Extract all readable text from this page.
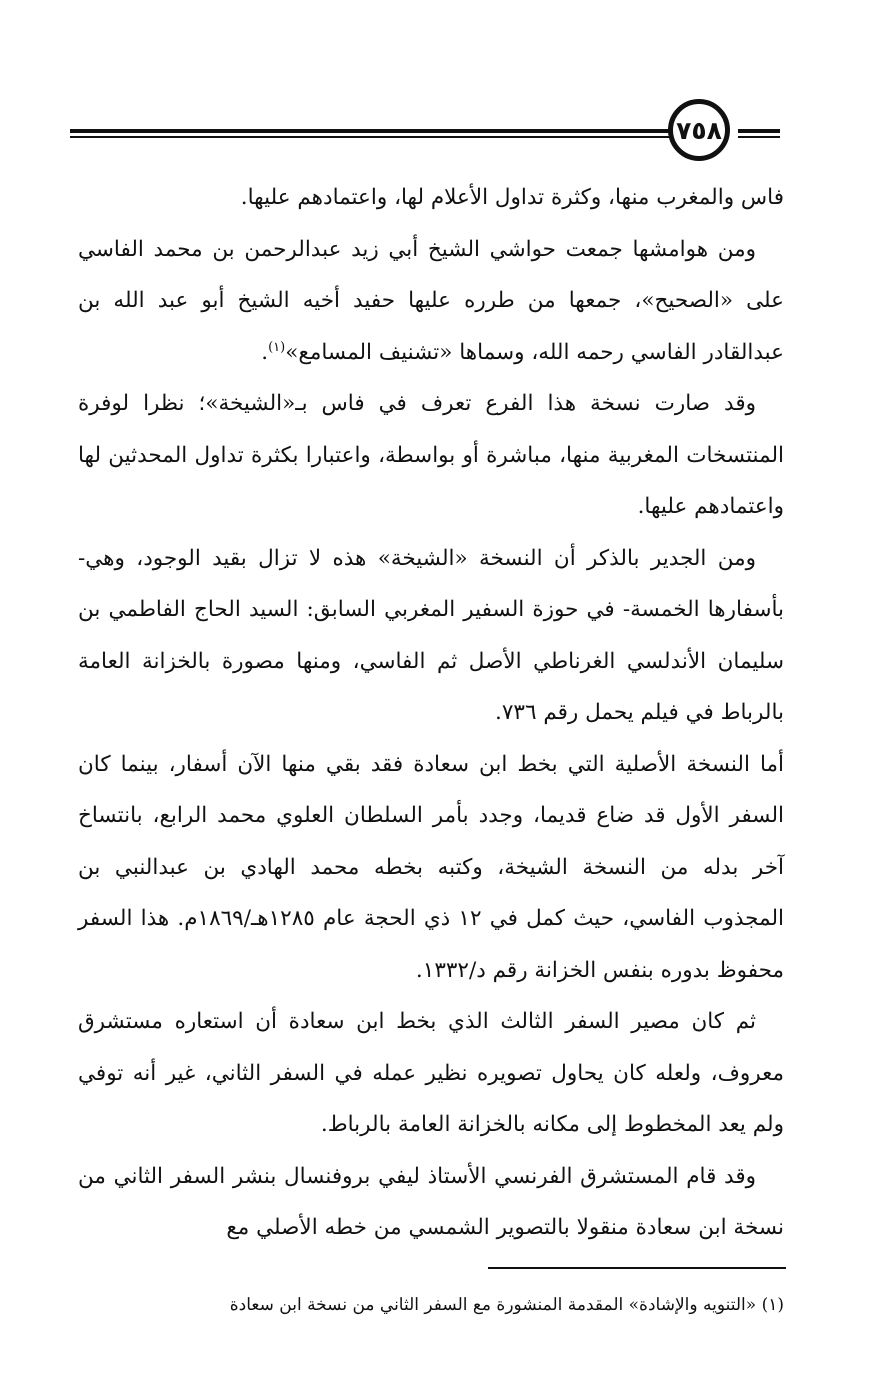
٧٥٨

فاس والمغرب منها، وكثرة تداول الأعلام لها، واعتمادهم عليها.

ومن هوامشها جمعت حواشي الشيخ أبي زيد عبدالرحمن بن محمد الفاسي على «الصحيح»، جمعها من طرره عليها حفيد أخيه الشيخ أبو عبد الله بن عبدالقادر الفاسي رحمه الله، وسماها «تشنيف المسامع»$^{(١)}$.

وقد صارت نسخة هذا الفرع تعرف في فاس بـ«الشيخة»؛ نظرا لوفرة المنتسخات المغربية منها، مباشرة أو بواسطة، واعتبارا بكثرة تداول المحدثين لها واعتمادهم عليها.

ومن الجدير بالذكر أن النسخة «الشيخة» هذه لا تزال بقيد الوجود، وهي- بأسفارها الخمسة- في حوزة السفير المغربي السابق: السيد الحاج الفاطمي بن سليمان الأندلسي الغرناطي الأصل ثم الفاسي، ومنها مصورة بالخزانة العامة بالرباط في فيلم يحمل رقم ٧٣٦.

أما النسخة الأصلية التي بخط ابن سعادة فقد بقي منها الآن أسفار، بينما كان السفر الأول قد ضاع قديما، وجدد بأمر السلطان العلوي محمد الرابع، بانتساخ آخر بدله من النسخة الشيخة، وكتبه بخطه محمد الهادي بن عبدالنبي بن المجذوب الفاسي، حيث كمل في ١٢ ذي الحجة عام ١٢٨٥هـ/١٨٦٩م. هذا السفر محفوظ بدوره بنفس الخزانة رقم د/١٣٣٢.

ثم كان مصير السفر الثالث الذي بخط ابن سعادة أن استعاره مستشرق معروف، ولعله كان يحاول تصويره نظير عمله في السفر الثاني، غير أنه توفي ولم يعد المخطوط إلى مكانه بالخزانة العامة بالرباط.

وقد قام المستشرق الفرنسي الأستاذ ليفي بروفنسال بنشر السفر الثاني من نسخة ابن سعادة منقولا بالتصوير الشمسي من خطه الأصلي مع

(١) «التنويه والإشادة» المقدمة المنشورة مع السفر الثاني من نسخة ابن سعادة
